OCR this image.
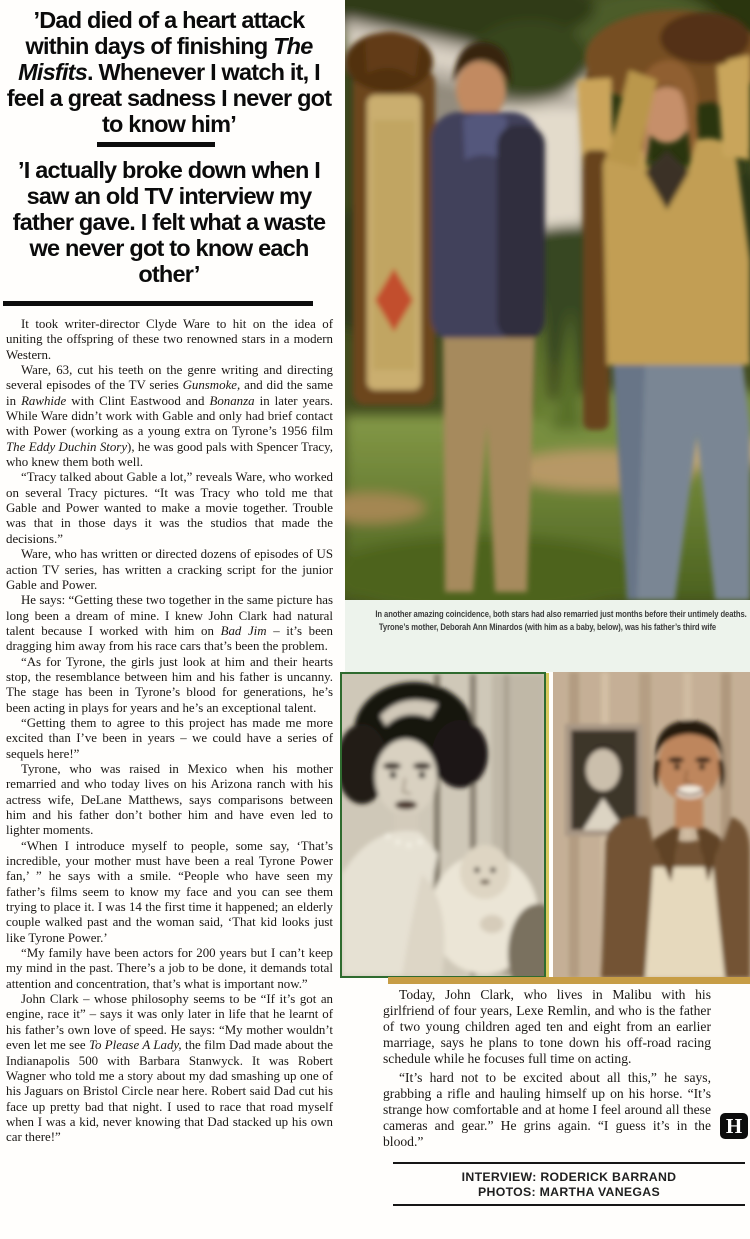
’Dad died of a heart attack within days of finishing The Misfits. Whenever I watch it, I feel a great sadness I never got to know him’
’I actually broke down when I saw an old TV interview my father gave. I felt what a waste we never got to know each other’

It took writer-director Clyde Ware to hit on the idea of uniting the offspring of these two renowned stars in a modern Western.

Ware, 63, cut his teeth on the genre writing and directing several episodes of the TV series Gunsmoke, and did the same in Rawhide with Clint Eastwood and Bonanza in later years. While Ware didn’t work with Gable and only had brief contact with Power (working as a young extra on Tyrone’s 1956 film The Eddy Duchin Story), he was good pals with Spencer Tracy, who knew them both well.

“Tracy talked about Gable a lot,” reveals Ware, who worked on several Tracy pictures. “It was Tracy who told me that Gable and Power wanted to make a movie together. Trouble was that in those days it was the studios that made the decisions.”

Ware, who has written or directed dozens of episodes of US action TV series, has written a cracking script for the junior Gable and Power.

He says: “Getting these two together in the same picture has long been a dream of mine. I knew John Clark had natural talent because I worked with him on Bad Jim – it’s been dragging him away from his race cars that’s been the problem.

“As for Tyrone, the girls just look at him and their hearts stop, the resemblance between him and his father is uncanny. The stage has been in Tyrone’s blood for generations, he’s been acting in plays for years and he’s an exceptional talent.

“Getting them to agree to this project has made me more excited than I’ve been in years – we could have a series of sequels here!”

Tyrone, who was raised in Mexico when his mother remarried and who today lives on his Arizona ranch with his actress wife, DeLane Matthews, says comparisons between him and his father don’t bother him and have even led to lighter moments.

“When I introduce myself to people, some say, ‘That’s incredible, your mother must have been a real Tyrone Power fan,’ ” he says with a smile. “People who have seen my father’s films seem to know my face and you can see them trying to place it. I was 14 the first time it happened; an elderly couple walked past and the woman said, ‘That kid looks just like Tyrone Power.’

“My family have been actors for 200 years but I can’t keep my mind in the past. There’s a job to be done, it demands total attention and concentration, that’s what is important now.”

John Clark – whose philosophy seems to be “If it’s got an engine, race it” – says it was only later in life that he learnt of his father’s own love of speed. He says: “My mother wouldn’t even let me see To Please A Lady, the film Dad made about the Indianapolis 500 with Barbara Stanwyck. It was Robert Wagner who told me a story about my dad smashing up one of his Jaguars on Bristol Circle near here. Robert said Dad cut his face up pretty bad that night. I used to race that road myself when I was a kid, never knowing that Dad stacked up his own car there!”

In another amazing coincidence, both stars had also remarried just months before their untimely deaths.
Tyrone’s mother, Deborah Ann Minardos (with him as a baby, below), was his father’s third wife
H

Today, John Clark, who lives in Malibu with his girlfriend of four years, Lexe Remlin, and who is the father of two young children aged ten and eight from an earlier marriage, says he plans to tone down his off-road racing schedule while he focuses full time on acting.

“It’s hard not to be excited about all this,” he says, grabbing a rifle and hauling himself up on his horse. “It’s strange how comfortable and at home I feel around all these cameras and gear.” He grins again. “I guess it’s in the blood.”

INTERVIEW: RODERICK BARRAND
PHOTOS: MARTHA VANEGAS
